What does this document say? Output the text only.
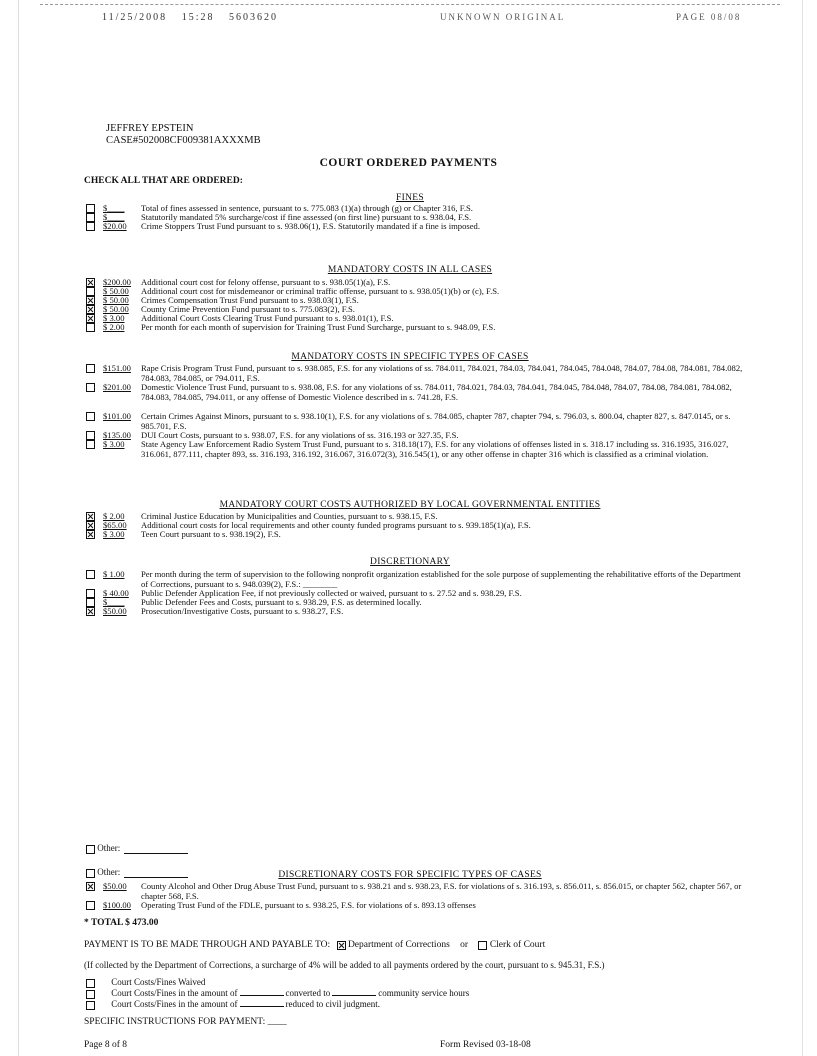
11/25/2008 15:28 5603620	UNKNOWN ORIGINAL	PAGE 08/08
JEFFREY EPSTEIN
CASE#502008CF009381AXXXMB
COURT ORDERED PAYMENTS
CHECK ALL THAT ARE ORDERED:
FINES
$____	Total of fines assessed in sentence, pursuant to s. 775.083 (1)(a) through (g) or Chapter 316, F.S.
$____	Statutorily mandated 5% surcharge/cost if fine assessed (on first line) pursuant to s. 938.04, F.S.
$20.00	Crime Stoppers Trust Fund pursuant to s. 938.06(1), F.S. Statutorily mandated if a fine is imposed.
MANDATORY COSTS IN ALL CASES
$200.00	Additional court cost for felony offense, pursuant to s. 938.05(1)(a), F.S.
$ 50.00	Additional court cost for misdemeanor or criminal traffic offense, pursuant to s. 938.05(1)(b) or (c), F.S.
$ 50.00	Crimes Compensation Trust Fund pursuant to s. 938.03(1), F.S.
$ 50.00	County Crime Prevention Fund pursuant to s. 775.083(2), F.S.
$ 3.00	Additional Court Costs Clearing Trust Fund pursuant to s. 938.01(1), F.S.
$ 2.00	Per month for each month of supervision for Training Trust Fund Surcharge, pursuant to s. 948.09, F.S.
MANDATORY COSTS IN SPECIFIC TYPES OF CASES
$151.00	Rape Crisis Program Trust Fund, pursuant to s. 938.085, F.S. for any violations of ss. 784.011, 784.021, 784.03, 784.041, 784.045, 784.048, 784.07, 784.08, 784.081, 784.082, 784.083, 784.085, or 794.011, F.S.
$201.00	Domestic Violence Trust Fund, pursuant to s. 938.08, F.S. for any violations of ss. 784.011, 784.021, 784.03, 784.041, 784.045, 784.048, 784.07, 784.08, 784.081, 784.082, 784.083, 784.085, 794.011, or any offense of Domestic Violence described in s. 741.28, F.S.
$101.00	Certain Crimes Against Minors, pursuant to s. 938.10(1), F.S. for any violations of s. 784.085, chapter 787, chapter 794, s. 796.03, s. 800.04, chapter 827, s. 847.0145, or s. 985.701, F.S.
$135.00	DUI Court Costs, pursuant to s. 938.07, F.S. for any violations of ss. 316.193 or 327.35, F.S.
$ 3.00	State Agency Law Enforcement Radio System Trust Fund, pursuant to s. 318.18(17), F.S. for any violations of offenses listed in s. 318.17 including ss. 316.1935, 316.027, 316.061, 877.111, chapter 893, ss. 316.193, 316.192, 316.067, 316.072(3), 316.545(1), or any other offense in chapter 316 which is classified as a criminal violation.
MANDATORY COURT COSTS AUTHORIZED BY LOCAL GOVERNMENTAL ENTITIES
$ 2.00	Criminal Justice Education by Municipalities and Counties, pursuant to s. 938.15, F.S.
$65.00	Additional court costs for local requirements and other county funded programs pursuant to s. 939.185(1)(a), F.S.
$ 3.00	Teen Court pursuant to s. 938.19(2), F.S.
DISCRETIONARY
$ 1.00	Per month during the term of supervision to the following nonprofit organization established for the sole purpose of supplementing the rehabilitative efforts of the Department of Corrections, pursuant to s. 948.039(2), F.S.: ________
$ 40.00	Public Defender Application Fee, if not previously collected or waived, pursuant to s. 27.52 and s. 938.29, F.S.
$____	Public Defender Fees and Costs, pursuant to s. 938.29, F.S. as determined locally.
$50.00	Prosecution/Investigative Costs, pursuant to s. 938.27, F.S.
DISCRETIONARY COSTS FOR SPECIFIC TYPES OF CASES
$50.00	County Alcohol and Other Drug Abuse Trust Fund, pursuant to s. 938.21 and s. 938.23, F.S. for violations of s. 316.193, s. 856.011, s. 856.015, or chapter 562, chapter 567, or chapter 568, F.S.
$100.00	Operating Trust Fund of the FDLE, pursuant to s. 938.25, F.S. for violations of s. 893.13 offenses
Other:
Other:
* TOTAL $ 473.00
PAYMENT IS TO BE MADE THROUGH AND PAYABLE TO: Department of Corrections or Clerk of Court
(If collected by the Department of Corrections, a surcharge of 4% will be added to all payments ordered by the court, pursuant to s. 945.31, F.S.)
Court Costs/Fines Waived
Court Costs/Fines in the amount of	converted to	community service hours
Court Costs/Fines in the amount of	reduced to civil judgment.
SPECIFIC INSTRUCTIONS FOR PAYMENT: ____
Page 8 of 8	Form Revised 03-18-08
